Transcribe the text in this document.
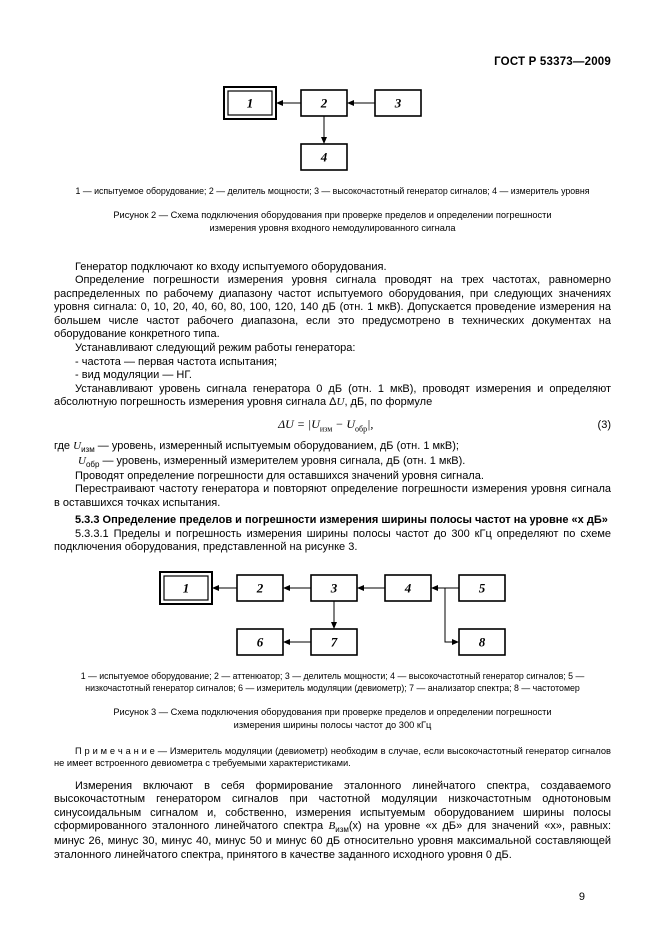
ГОСТ Р 53373—2009
1	2	3
4
1 — испытуемое оборудование; 2 — делитель мощности; 3 — высокочастотный генератор сигналов; 4 — измеритель уровня
Рисунок 2 — Схема подключения оборудования при проверке пределов и определении погрешности измерения уровня входного немодулированного сигнала

Генератор подключают ко входу испытуемого оборудования.

Определение погрешности измерения уровня сигнала проводят на трех частотах, равномерно распределенных по рабочему диапазону частот испытуемого оборудования, при следующих значениях уровня сигнала: 0, 10, 20, 40, 60, 80, 100, 120, 140 дБ (отн. 1 мкВ). Допускается проведение измерения на большем числе частот рабочего диапазона, если это предусмотрено в технических документах на оборудование конкретного типа.

Устанавливают следующий режим работы генератора:

- частота — первая частота испытания;

- вид модуляции — НГ.

Устанавливают уровень сигнала генератора 0 дБ (отн. 1 мкВ), проводят измерения и определяют абсолютную погрешность измерения уровня сигнала ΔU, дБ, по формуле

$\Delta U = |U_{изм} - U_{обр}|$,	(3)

где $U_{изм}$ — уровень, измеренный испытуемым оборудованием, дБ (отн. 1 мкВ);

$U_{обр}$ — уровень, измеренный измерителем уровня сигнала, дБ (отн. 1 мкВ).

Проводят определение погрешности для оставшихся значений уровня сигнала.

Перестраивают частоту генератора и повторяют определение погрешности измерения уровня сигнала в оставшихся точках испытания.

5.3.3 Определение пределов и погрешности измерения ширины полосы частот на уровне «x дБ»

5.3.3.1 Пределы и погрешность измерения ширины полосы частот до 300 кГц определяют по схеме подключения оборудования, представленной на рисунке 3.

1	2	3	4	5
6	7	8
1 — испытуемое оборудование; 2 — аттенюатор; 3 — делитель мощности; 4 — высокочастотный генератор сигналов; 5 — низкочастотный генератор сигналов; 6 — измеритель модуляции (девиометр); 7 — анализатор спектра; 8 — частотомер
Рисунок 3 — Схема подключения оборудования при проверке пределов и определении погрешности измерения ширины полосы частот до 300 кГц
П р и м е ч а н и е — Измеритель модуляции (девиометр) необходим в случае, если высокочастотный генератор сигналов не имеет встроенного девиометра с требуемыми характеристиками.

Измерения включают в себя формирование эталонного линейчатого спектра, создаваемого высокочастотным генератором сигналов при частотной модуляции низкочастотным однотоновым синусоидальным сигналом и, собственно, измерения испытуемым оборудованием ширины полосы сформированного эталонного линейчатого спектра $B_{изм}(x)$ на уровне «x дБ» для значений «x», равных: минус 26, минус 30, минус 40, минус 50 и минус 60 дБ относительно уровня максимальной составляющей эталонного линейчатого спектра, принятого в качестве заданного исходного уровня 0 дБ.

9
